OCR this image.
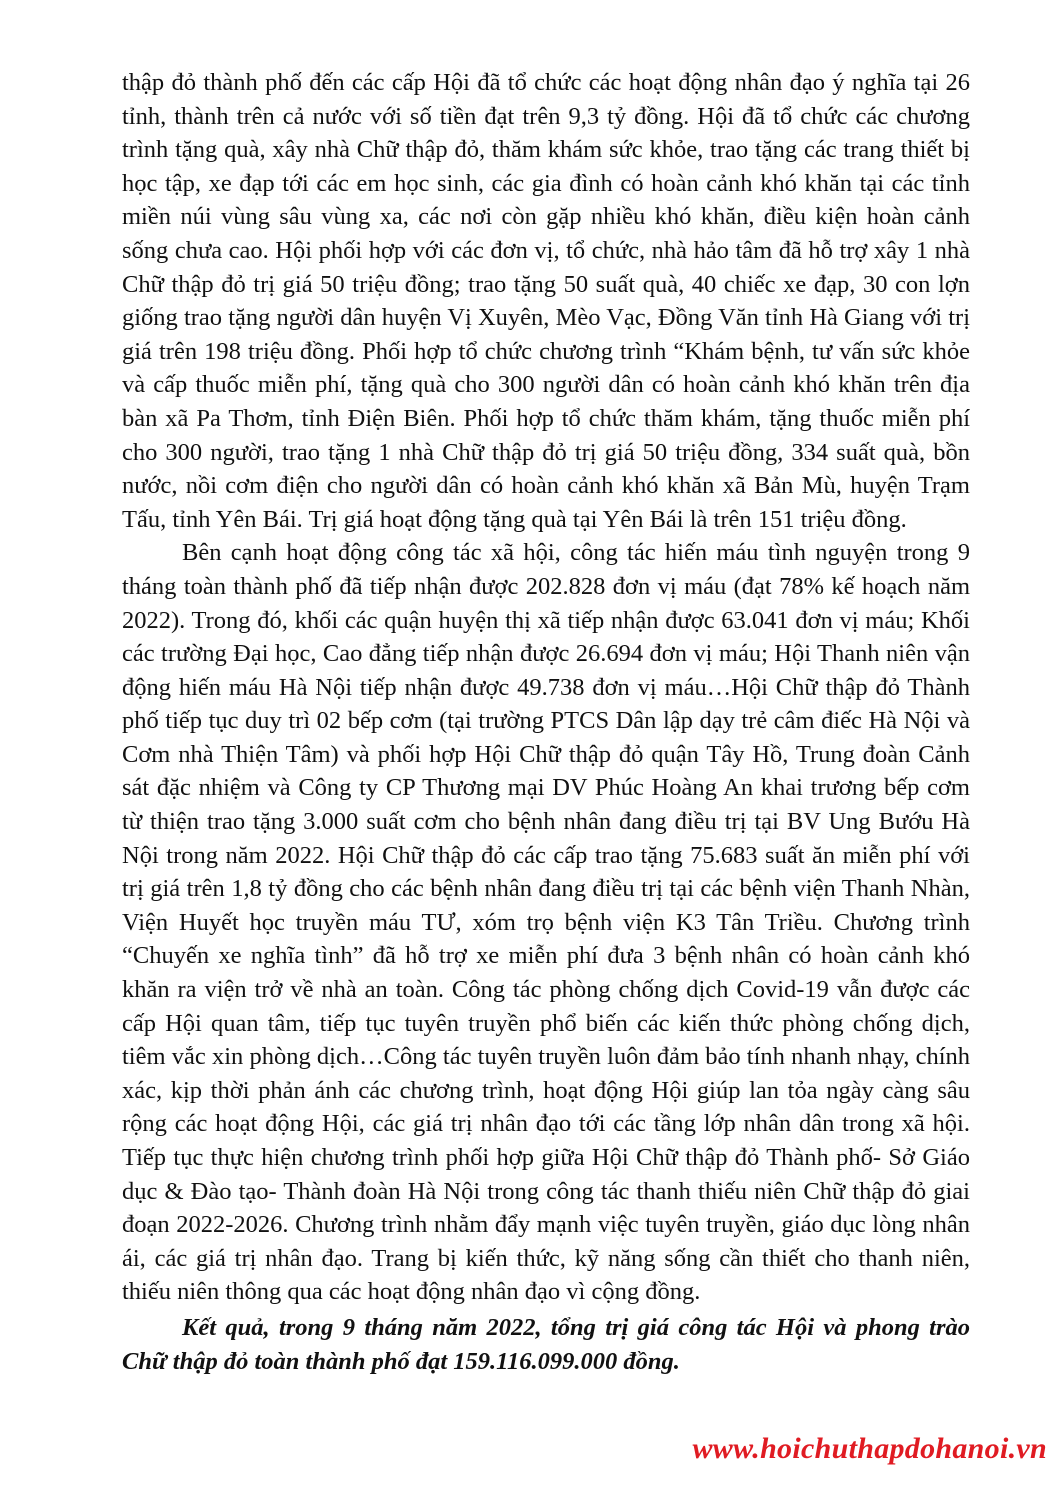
thập đỏ thành phố đến các cấp Hội đã tổ chức các hoạt động nhân đạo ý nghĩa tại 26 tỉnh, thành trên cả nước với số tiền đạt trên 9,3 tỷ đồng. Hội đã tổ chức các chương trình tặng quà, xây nhà Chữ thập đỏ, thăm khám sức khỏe, trao tặng các trang thiết bị học tập, xe đạp tới các em học sinh, các gia đình có hoàn cảnh khó khăn tại các tỉnh miền núi vùng sâu vùng xa, các nơi còn gặp nhiều khó khăn, điều kiện hoàn cảnh sống chưa cao. Hội phối hợp với các đơn vị, tổ chức, nhà hảo tâm đã hỗ trợ xây 1 nhà Chữ thập đỏ trị giá 50 triệu đồng; trao tặng 50 suất quà, 40 chiếc xe đạp, 30 con lợn giống trao tặng người dân huyện Vị Xuyên, Mèo Vạc, Đồng Văn tỉnh Hà Giang với trị giá trên 198 triệu đồng. Phối hợp tổ chức chương trình “Khám bệnh, tư vấn sức khỏe và cấp thuốc miễn phí, tặng quà cho 300 người dân có hoàn cảnh khó khăn trên địa bàn xã Pa Thơm, tỉnh Điện Biên. Phối hợp tổ chức thăm khám, tặng thuốc miễn phí cho 300 người, trao tặng 1 nhà Chữ thập đỏ trị giá 50 triệu đồng, 334 suất quà, bồn nước, nồi cơm điện cho người dân có hoàn cảnh khó khăn xã Bản Mù, huyện Trạm Tấu, tỉnh Yên Bái. Trị giá hoạt động tặng quà tại Yên Bái là trên 151 triệu đồng.

Bên cạnh hoạt động công tác xã hội, công tác hiến máu tình nguyện trong 9 tháng toàn thành phố đã tiếp nhận được 202.828 đơn vị máu (đạt 78% kế hoạch năm 2022). Trong đó, khối các quận huyện thị xã tiếp nhận được 63.041 đơn vị máu; Khối các trường Đại học, Cao đẳng tiếp nhận được 26.694 đơn vị máu; Hội Thanh niên vận động hiến máu Hà Nội tiếp nhận được 49.738 đơn vị máu…Hội Chữ thập đỏ Thành phố tiếp tục duy trì 02 bếp cơm (tại trường PTCS Dân lập dạy trẻ câm điếc Hà Nội và Cơm nhà Thiện Tâm) và phối hợp Hội Chữ thập đỏ quận Tây Hồ, Trung đoàn Cảnh sát đặc nhiệm và Công ty CP Thương mại DV Phúc Hoàng An khai trương bếp cơm từ thiện trao tặng 3.000 suất cơm cho bệnh nhân đang điều trị tại BV Ung Bướu Hà Nội trong năm 2022. Hội Chữ thập đỏ các cấp trao tặng 75.683 suất ăn miễn phí với trị giá trên 1,8 tỷ đồng cho các bệnh nhân đang điều trị tại các bệnh viện Thanh Nhàn, Viện Huyết học truyền máu TƯ, xóm trọ bệnh viện K3 Tân Triều. Chương trình “Chuyến xe nghĩa tình” đã hỗ trợ xe miễn phí đưa 3 bệnh nhân có hoàn cảnh khó khăn ra viện trở về nhà an toàn. Công tác phòng chống dịch Covid-19 vẫn được các cấp Hội quan tâm, tiếp tục tuyên truyền phổ biến các kiến thức phòng chống dịch, tiêm vắc xin phòng dịch…Công tác tuyên truyền luôn đảm bảo tính nhanh nhạy, chính xác, kịp thời phản ánh các chương trình, hoạt động Hội giúp lan tỏa ngày càng sâu rộng các hoạt động Hội, các giá trị nhân đạo tới các tầng lớp nhân dân trong xã hội. Tiếp tục thực hiện chương trình phối hợp giữa Hội Chữ thập đỏ Thành phố- Sở Giáo dục & Đào tạo- Thành đoàn Hà Nội trong công tác thanh thiếu niên Chữ thập đỏ giai đoạn 2022-2026. Chương trình nhằm đẩy mạnh việc tuyên truyền, giáo dục lòng nhân ái, các giá trị nhân đạo. Trang bị kiến thức, kỹ năng sống cần thiết cho thanh niên, thiếu niên thông qua các hoạt động nhân đạo vì cộng đồng.

Kết quả, trong 9 tháng năm 2022, tổng trị giá công tác Hội và phong trào Chữ thập đỏ toàn thành phố đạt 159.116.099.000 đồng.

www.hoichuthapdohanoi.vn
